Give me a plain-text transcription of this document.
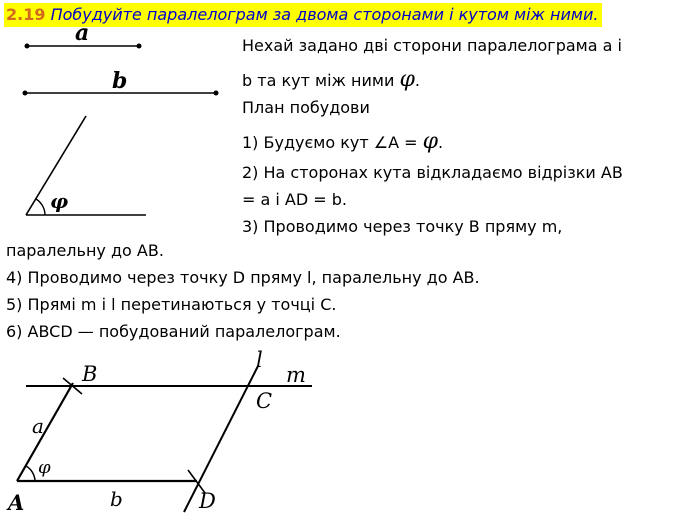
2.19 Побудуйте паралелограм за двома сторонами і кутом між ними.
a
b
φ
Нехай задано дві сторони паралелограма a і
b та кут між ними φ.
План побудови
1) Будуємо кут ∠A = φ.
2) На сторонах кута відкладаємо відрізки AB
= a і AD = b.
3) Проводимо через точку B пряму m,
паралельну до AB.
4) Проводимо через точку D пряму l, паралельну до AB.
5) Прямі m і l перетинаються у точці C.
6) ABCD — побудований паралелограм.
B
C
A	D
a
b
φ
l
m
